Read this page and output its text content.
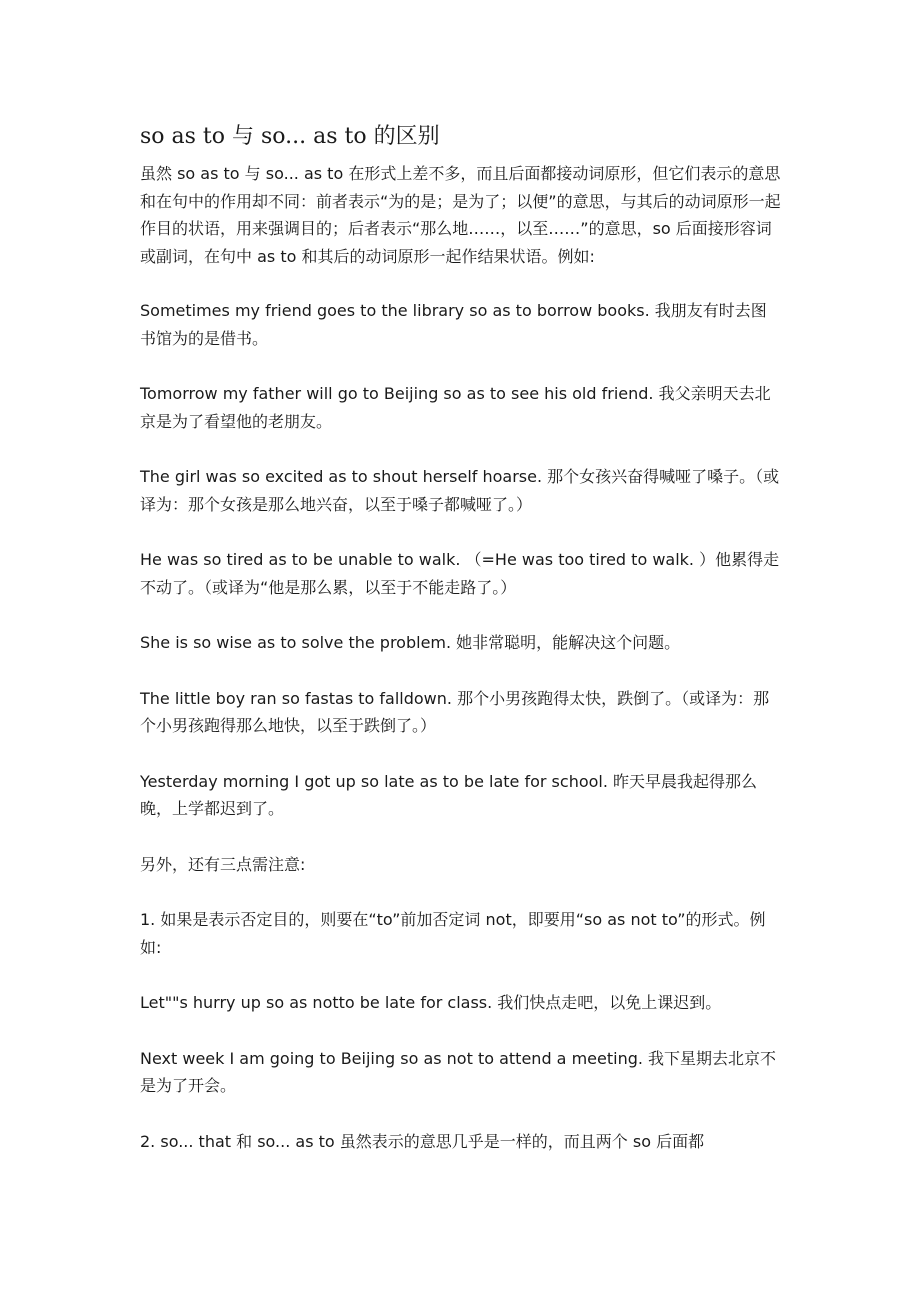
so as to 与 so... as to 的区别

虽然 so as to 与 so... as to 在形式上差不多，而且后面都接动词原形，但它们表示的意思和在句中的作用却不同：前者表示“为的是；是为了；以便”的意思，与其后的动词原形一起作目的状语，用来强调目的；后者表示“那么地……，以至……”的意思，so 后面接形容词或副词，在句中 as to 和其后的动词原形一起作结果状语。例如:

Sometimes my friend goes to the library so as to borrow books. 我朋友有时去图书馆为的是借书。

Tomorrow my father will go to Beijing so as to see his old friend. 我父亲明天去北京是为了看望他的老朋友。

The girl was so excited as to shout herself hoarse. 那个女孩兴奋得喊哑了嗓子。（或译为：那个女孩是那么地兴奋，以至于嗓子都喊哑了。）

He was so tired as to be unable to walk. （=He was too tired to walk. ）他累得走不动了。（或译为“他是那么累，以至于不能走路了。）

She is so wise as to solve the problem. 她非常聪明，能解决这个问题。

The little boy ran so fastas to falldown. 那个小男孩跑得太快，跌倒了。（或译为：那个小男孩跑得那么地快，以至于跌倒了。）

Yesterday morning I got up so late as to be late for school. 昨天早晨我起得那么晚，上学都迟到了。

另外，还有三点需注意:

1. 如果是表示否定目的，则要在“to”前加否定词 not，即要用“so as not to”的形式。例如:

Let""s hurry up so as notto be late for class. 我们快点走吧，以免上课迟到。

Next week I am going to Beijing so as not to attend a meeting. 我下星期去北京不是为了开会。

2. so... that 和 so... as to 虽然表示的意思几乎是一样的，而且两个 so 后面都
